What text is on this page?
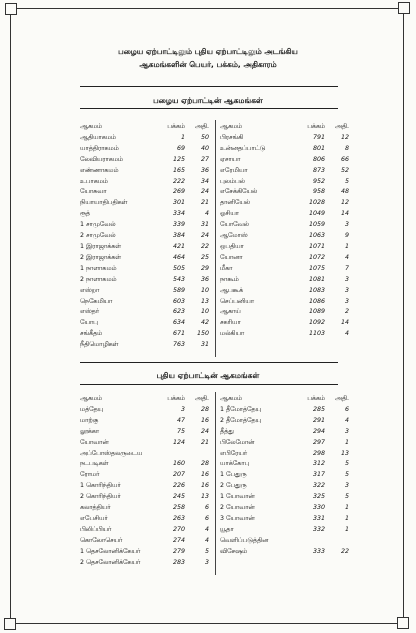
பழைய ஏற்பாட்டிலும் புதிய ஏற்பாட்டிலும் அடங்கிய
ஆகமங்களின் பெயர், பக்கம், அதிகாரம்
பழைய ஏற்பாட்டின் ஆகமங்கள்
ஆகமம்	பக்கம்	அதி.
ஆதியாகமம்	1	50
யாத்திராகமம்	69	40
லேவியராகமம்	125	27
எண்ணாகமம்	165	36
உபாகமம்	222	34
யோசுவா	269	24
நியாயாதிபதிகள்	301	21
ரூத்	334	4
1 சாமுவேல்	339	31
2 சாமுவேல்	384	24
1 இராஜாக்கள்	421	22
2 இராஜாக்கள்	464	25
1 நாளாகமம்	505	29
2 நாளாகமம்	543	36
எஸ்றா	589	10
நெகேமியா	603	13
எஸ்தர்	623	10
யோபு	634	42
சங்கீதம்	671	150
நீதிமொழிகள்	763	31
ஆகமம்	பக்கம்	அதி.
பிரசங்கி	791	12
உன்னதப்பாட்டு	801	8
ஏசாயா	806	66
எரேமியா	873	52
புலம்பல்	952	5
எசேக்கியேல்	958	48
தானியேல்	1028	12
ஓசியா	1049	14
யோவேல்	1059	3
ஆமோஸ்	1063	9
ஒபதியா	1071	1
யோனா	1072	4
மீகா	1075	7
நாகூம்	1081	3
ஆபகூக்	1083	3
செப்பனியா	1086	3
ஆகாய்	1089	2
சகரியா	1092	14
மல்கியா	1103	4

புதிய ஏற்பாட்டின் ஆகமங்கள்
ஆகமம்	பக்கம்	அதி.
மத்தேயு	3	28
மாற்கு	47	16
லூக்கா	75	24
யோவான்	124	21
அப்போஸ்தலருடைய		
நடபடிகள்	160	28
ரோமர்	207	16
1 கொரிந்தியர்	226	16
2 கொரிந்தியர்	245	13
கலாத்தியர்	258	6
எபேசியர்	263	6
பிலிப்பியர்	270	4
கொலோசெயர்	274	4
1 தெசலோனிக்கேயர்	279	5
2 தெசலோனிக்கேயர்	283	3
ஆகமம்	பக்கம்	அதி.
1 தீமோத்தேயு	285	6
2 தீமோத்தேயு	291	4
தீத்து	294	3
பிலேமோன்	297	1
எபிரேயர்	298	13
யாக்கோபு	312	5
1 பேதுரு	317	5
2 பேதுரு	322	3
1 யோவான்	325	5
2 யோவான்	330	1
3 யோவான்	331	1
யூதா	332	1
வெளிப்படுத்தின		
விசேஷம்	333	22
